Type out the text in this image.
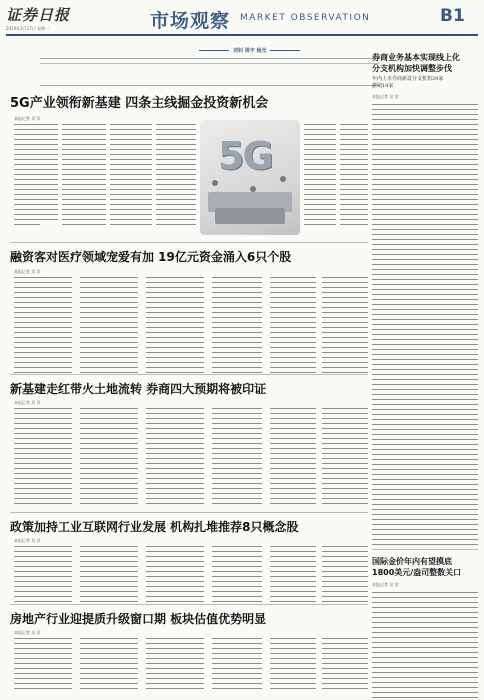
证券日报
2020年2月17日 星期一	市场观察 MARKET OBSERVATION	B1
刘钊 周宇 杨光
5G产业领衔新基建 四条主线掘金投资新机会
本报记者 吴 洋
5G
融资客对医疗领域宠爱有加 19亿元资金涌入6只个股
本报记者 吴 洋
新基建走红带火土地流转 券商四大预期将被印证
本报记者 吴 洋
政策加持工业互联网行业发展 机构扎堆推荐8只概念股
本报记者 吴 洋
房地产行业迎提质升级窗口期 板块估值优势明显
本报记者 吴 洋
券商业务基本实现线上化
分支机构加快调整步伐
年内上市券商新设分支机构29家
撤销18家
本报记者 吴 洋
国际金价年内有望摸底
1800美元/盎司整数关口
本报记者 吴 洋
